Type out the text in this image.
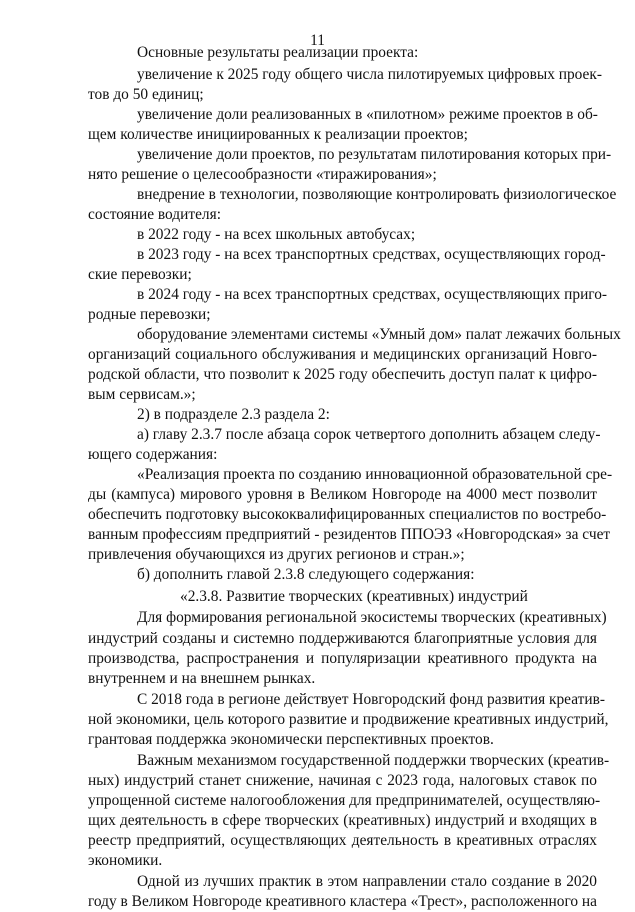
11
Основные результаты реализации проекта:
увеличение к 2025 году общего числа пилотируемых цифровых проек-
тов до 50 единиц;
увеличение доли реализованных в «пилотном» режиме проектов в об-
щем количестве инициированных к реализации проектов;
увеличение доли проектов, по результатам пилотирования которых при-
нято решение о целесообразности «тиражирования»;
внедрение в технологии, позволяющие контролировать физиологическое
состояние водителя:
в 2022 году - на всех школьных автобусах;
в 2023 году - на всех транспортных средствах, осуществляющих город-
ские перевозки;
в 2024 году - на всех транспортных средствах, осуществляющих приго-
родные перевозки;
оборудование элементами системы «Умный дом» палат лежачих больных
организаций социального обслуживания и медицинских организаций Новго-
родской области, что позволит к 2025 году обеспечить доступ палат к цифро-
вым сервисам.»;
2) в подразделе 2.3 раздела 2:
а) главу 2.3.7 после абзаца сорок четвертого дополнить абзацем следу-
ющего содержания:
«Реализация проекта по созданию инновационной образовательной сре-
ды (кампуса) мирового уровня в Великом Новгороде на 4000 мест позволит
обеспечить подготовку высококвалифицированных специалистов по востребо-
ванным профессиям предприятий - резидентов ППОЭЗ «Новгородская» за счет
привлечения обучающихся из других регионов и стран.»;
б) дополнить главой 2.3.8 следующего содержания:
«2.3.8. Развитие творческих (креативных) индустрий
Для формирования региональной экосистемы творческих (креативных)
индустрий созданы и системно поддерживаются благоприятные условия для
производства, распространения и популяризации креативного продукта на
внутреннем и на внешнем рынках.
С 2018 года в регионе действует Новгородский фонд развития креатив-
ной экономики, цель которого развитие и продвижение креативных индустрий,
грантовая поддержка экономически перспективных проектов.
Важным механизмом государственной поддержки творческих (креатив-
ных) индустрий станет снижение, начиная с 2023 года, налоговых ставок по
упрощенной системе налогообложения для предпринимателей, осуществляю-
щих деятельность в сфере творческих (креативных) индустрий и входящих в
реестр предприятий, осуществляющих деятельность в креативных отраслях
экономики.
Одной из лучших практик в этом направлении стало создание в 2020
году в Великом Новгороде креативного кластера «Трест», расположенного на
